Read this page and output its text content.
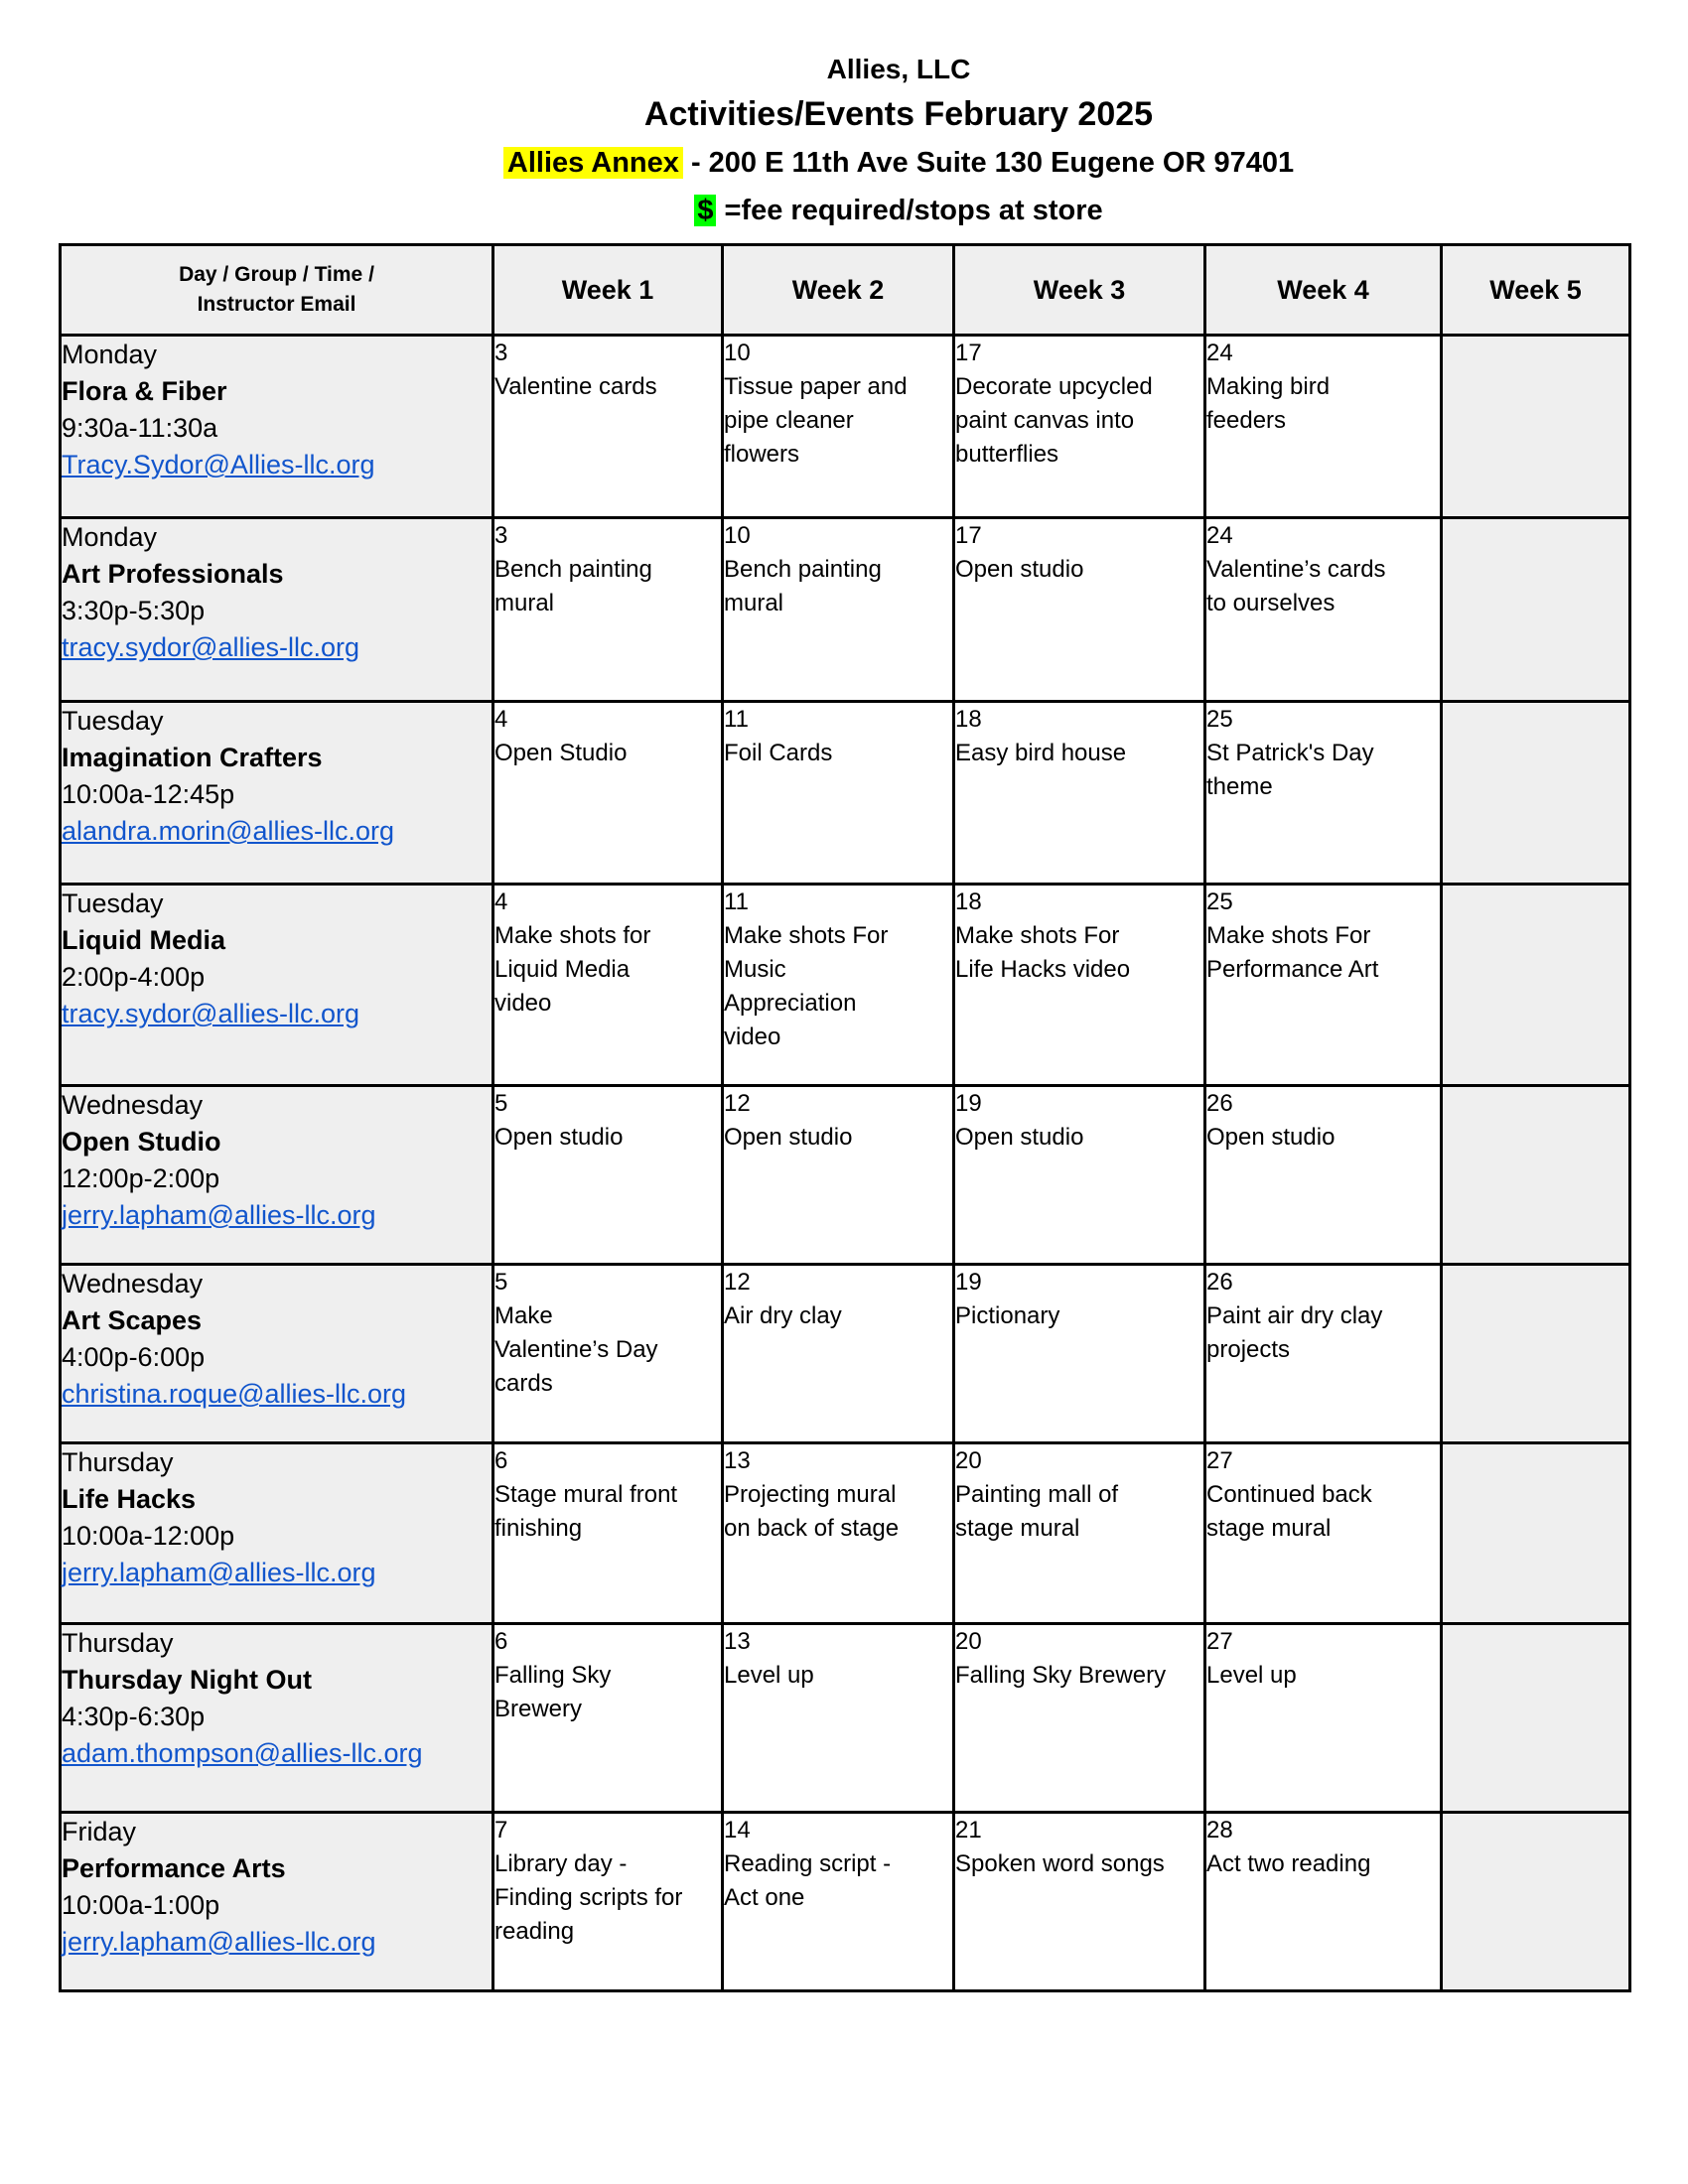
Allies, LLC
Activities/Events February 2025
Allies Annex - 200 E 11th Ave Suite 130 Eugene OR 97401
$ =fee required/stops at store
Day / Group / Time /
Instructor Email	Week 1	Week 2	Week 3	Week 4	Week 5

Monday
Flora & Fiber
9:30a-11:30a
Tracy.Sydor@Allies-llc.org	3
Valentine cards	10
Tissue paper and
pipe cleaner
flowers	17
Decorate upcycled
paint canvas into
butterflies	24
Making bird
feeders	

Monday
Art Professionals
3:30p-5:30p
tracy.sydor@allies-llc.org	3
Bench painting
mural	10
Bench painting
mural	17
Open studio	24
Valentine’s cards
to ourselves	

Tuesday
Imagination Crafters
10:00a-12:45p
alandra.morin@allies-llc.org	4
Open Studio	11
Foil Cards	18
Easy bird house	25
St Patrick's Day
theme	

Tuesday
Liquid Media
2:00p-4:00p
tracy.sydor@allies-llc.org	4
Make shots for
Liquid Media
video	11
Make shots For
Music
Appreciation
video	18
Make shots For
Life Hacks video	25
Make shots For
Performance Art	

Wednesday
Open Studio
12:00p-2:00p
jerry.lapham@allies-llc.org	5
Open studio	12
Open studio	19
Open studio	26
Open studio	

Wednesday
Art Scapes
4:00p-6:00p
christina.roque@allies-llc.org	5
Make
Valentine’s Day
cards	12
Air dry clay	19
Pictionary	26
Paint air dry clay
projects	

Thursday
Life Hacks
10:00a-12:00p
jerry.lapham@allies-llc.org	6
Stage mural front
finishing	13
Projecting mural
on back of stage	20
Painting mall of
stage mural	27
Continued back
stage mural	

Thursday
Thursday Night Out
4:30p-6:30p
adam.thompson@allies-llc.org	6
Falling Sky
Brewery	13
Level up	20
Falling Sky Brewery	27
Level up	

Friday
Performance Arts
10:00a-1:00p
jerry.lapham@allies-llc.org	7
Library day -
Finding scripts for
reading	14
Reading script -
Act one	21
Spoken word songs	28
Act two reading	
